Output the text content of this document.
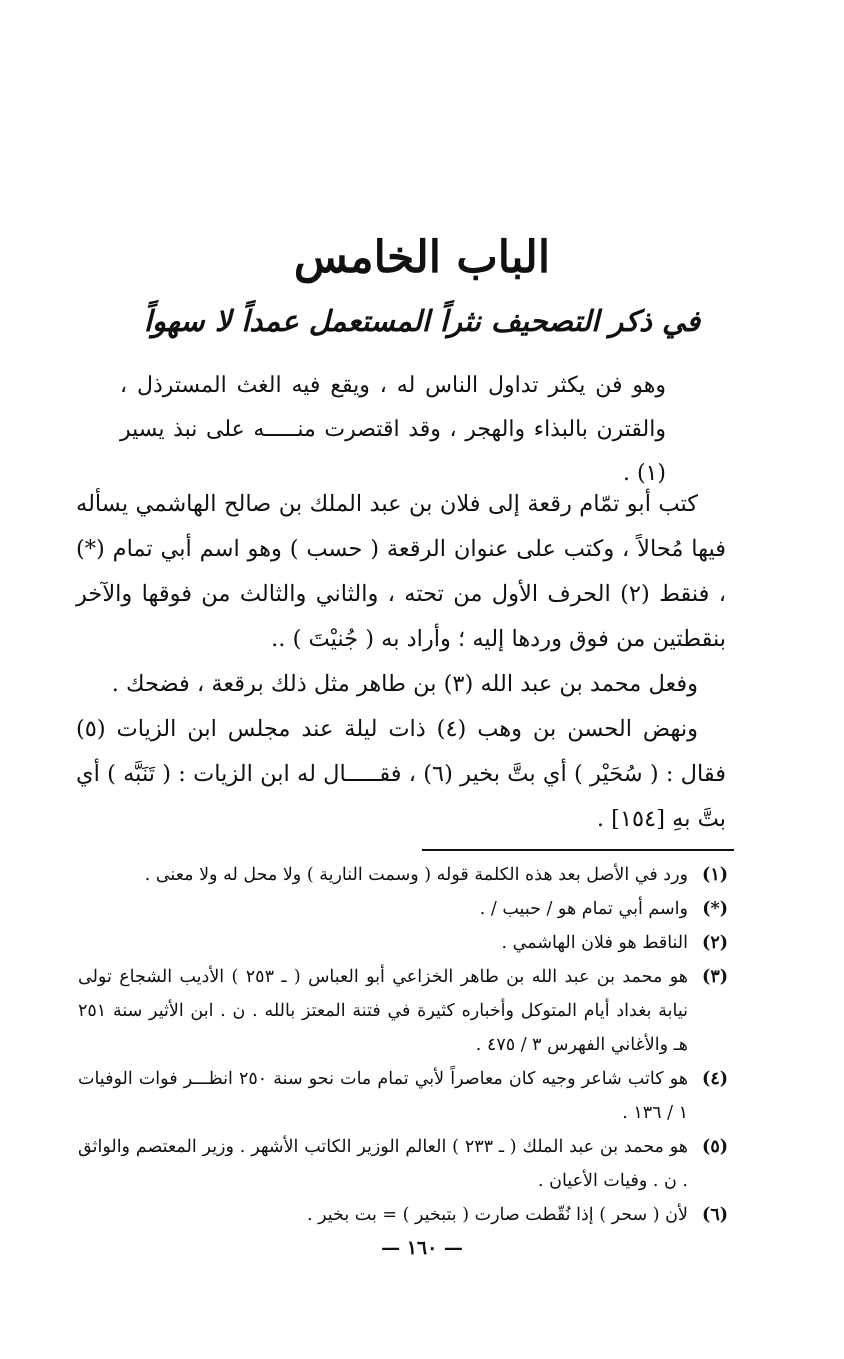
الباب الخامس
في ذكر التصحيف نثراً المستعمل عمداً لا سهواً
وهو فن يكثر تداول الناس له ، ويقع فيه الغث المسترذل ، والقترن بالبذاء والهجر ، وقد اقتصرت منـــــه على نبذ يسير (١) .

كتب أبو تمّام رقعة إلى فلان بن عبد الملك بن صالح الهاشمي يسأله فيها مُحالاً ، وكتب على عنوان الرقعة ( حسب ) وهو اسم أبي تمام (*) ، فنقط (٢) الحرف الأول من تحته ، والثاني والثالث من فوقها والآخر بنقطتين من فوق وردها إليه ؛ وأراد به ( جُنيْتَ ) ..

وفعل محمد بن عبد الله (٣) بن طاهر مثل ذلك برقعة ، فضحك .

ونهض الحسن بن وهب (٤) ذات ليلة عند مجلس ابن الزيات (٥) فقال : ( سُحَيْر ) أي بتَّ بخير (٦) ، فقـــــال له ابن الزيات : ( تَنَبَّه ) أي بتَّ بهِ [١٥٤] .

(١)
ورد في الأصل بعد هذه الكلمة قوله ( وسمت النارية ) ولا محل له ولا معنى .
(*)
واسم أبي تمام هو / حبيب / .
(٢)
الناقط هو فلان الهاشمي .
(٣)
هو محمد بن عبد الله بن طاهر الخزاعي أبو العباس ( ـ ٢٥٣ ) الأديب الشجاع تولى نيابة بغداد أيام المتوكل وأخباره كثيرة في فتنة المعتز بالله . ن . ابن الأثير سنة ٢٥١ هـ والأغاني الفهرس ٣ / ٤٧٥ .
(٤)
هو كاتب شاعر وجيه كان معاصراً لأبي تمام مات نحو سنة ٢٥٠ انظـــر فوات الوفيات ١ / ١٣٦ .
(٥)
هو محمد بن عبد الملك ( ـ ٢٣٣ ) العالم الوزير الكاتب الأشهر . وزير المعتصم والواثق . ن . وفيات الأعيان .
(٦)
لأن ( سحر ) إذا نُقّطت صارت ( بتبخير ) = بت بخير .
— ١٦٠ —
